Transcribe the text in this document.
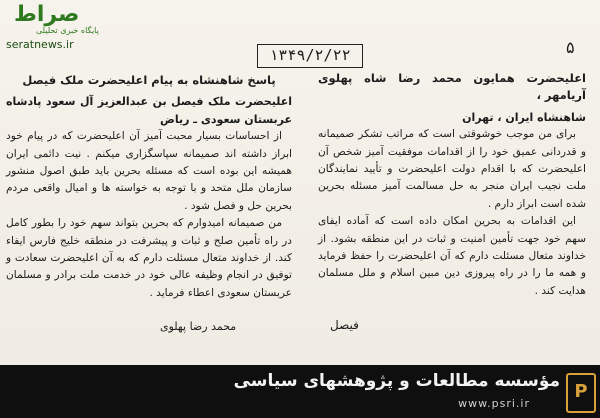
صراط
پایگاه خبری تحلیلی
seratnews.ir
۱۳۴۹/۲/۲۲	۵

اعلیحضرت همایون محمد رضا شاه پهلوی آریامهر ،

شاهنشاه ایران ، تهران

برای من موجب خوشوقتی است که مراتب تشکر صمیمانه و قدردانی عمیق خود را از اقدامات موفقیت آمیز شخص آن اعلیحضرت که با اقدام دولت اعلیحضرت و تأیید نمایندگان ملت نجیب ایران منجر به حل مسالمت آمیز مسئله بحرین شده است ابراز دارم .

این اقدامات به بحرین امکان داده است که آماده ایفای سهم خود جهت تأمین امنیت و ثبات در این منطقه بشود. از خداوند متعال مسئلت دارم که آن اعلیحضرت را حفظ فرماید و همه ما را در راه پیروزی دین مبین اسلام و ملل مسلمان هدایت کند .

فیصل

پاسخ شاهنشاه به پیام اعلیحضرت ملک فیصل

اعلیحضرت ملک فیصل بن عبدالعزیز آل سعود پادشاه عربستان سعودی ـ ریاض

از احساسات بسیار محبت آمیز آن اعلیحضرت که در پیام خود ابراز داشته اند صمیمانه سپاسگزاری میکنم . نیت دائمی ایران همیشه این بوده است که مسئله بحرین باید طبق اصول منشور سازمان ملل متحد و با توجه به خواسته ها و امیال واقعی مردم بحرین حل و فصل شود .

من صمیمانه امیدوارم که بحرین بتواند سهم خود را بطور کامل در راه تأمین صلح و ثبات و پیشرفت در منطقه خلیج فارس ایفاء کند. از خداوند متعال مسئلت دارم که به آن اعلیحضرت سعادت و توفیق در انجام وظیفه عالی خود در خدمت ملت برادر و مسلمان عربستان سعودی اعطاء فرماید .

محمد رضا پهلوی
P
مؤسسه مطالعات و پژوهشهای سیاسی
www.psri.ir
